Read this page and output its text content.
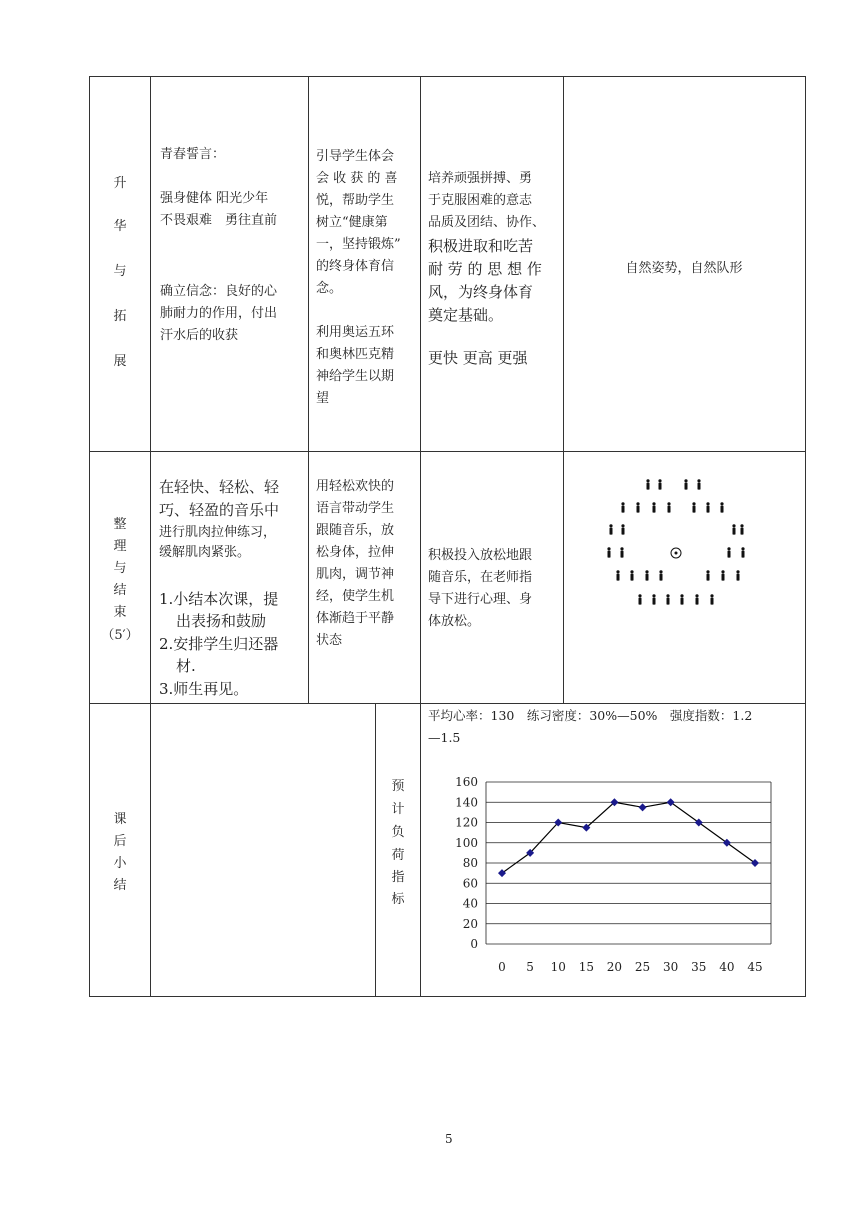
升
华
与
拓
展
青春誓言：
强身健体 阳光少年
不畏艰难　勇往直前
确立信念：良好的心
肺耐力的作用，付出
汗水后的收获
引导学生体会
会 收 获 的 喜
悦，帮助学生
树立“健康第
一，坚持锻炼”
的终身体育信
念。
利用奥运五环
和奥林匹克精
神给学生以期
望
培养顽强拼搏、勇
于克服困难的意志
品质及团结、协作、
积极进取和吃苦
耐 劳 的 思 想 作
风，为终身体育
奠定基础。
更快 更高 更强
自然姿势，自然队形
整
理
与
结
束
（5′）
在轻快、轻松、轻
巧、轻盈的音乐中
进行肌肉拉伸练习，
缓解肌肉紧张。
1.小结本次课，提
出表扬和鼓励
2.安排学生归还器
材.
3.师生再见。
用轻松欢快的
语言带动学生
跟随音乐，放
松身体，拉伸
肌肉，调节神
经，使学生机
体渐趋于平静
状态
积极投入放松地跟
随音乐，在老师指
导下进行心理、身
体放松。
课
后
小
结
预
计
负
荷
指
标
平均心率：130　练习密度：30%—50%　强度指数：1.2
—1.5
0
20
40
60
80
100
120
140
160
0 5 10 15 20 25 30 35 40 45
5
